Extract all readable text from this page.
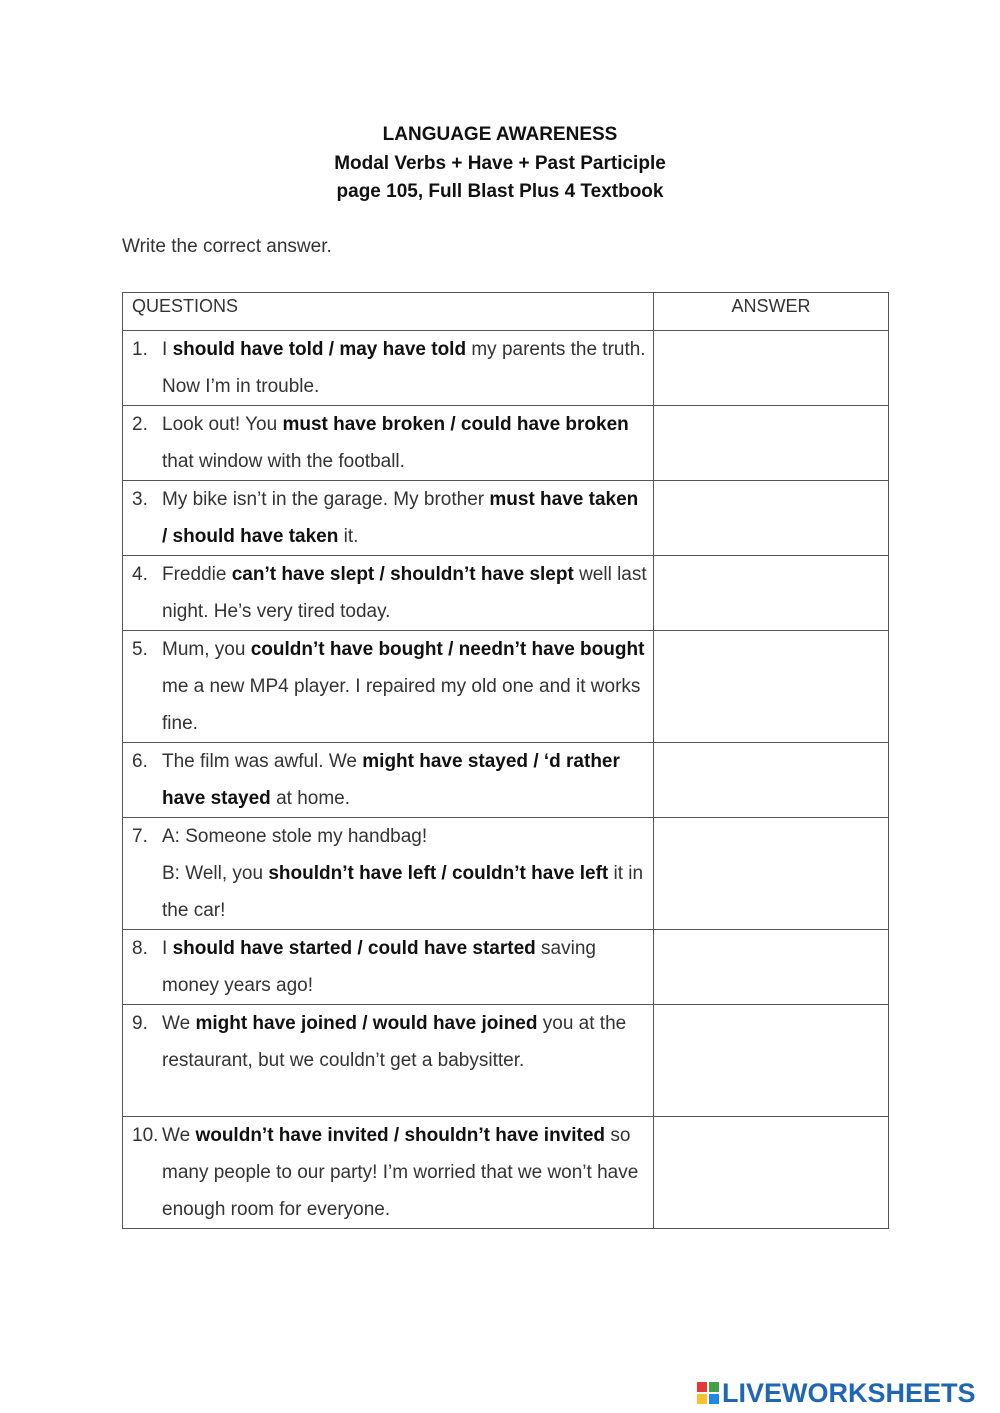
LANGUAGE AWARENESS
Modal Verbs + Have + Past Participle
page 105, Full Blast Plus 4 Textbook
Write the correct answer.
QUESTIONS	ANSWER

1. I should have told / may have told my parents the truth. Now I’m in trouble.	

2. Look out! You must have broken / could have broken that window with the football.	

3. My bike isn’t in the garage. My brother must have taken / should have taken it.	

4. Freddie can’t have slept / shouldn’t have slept well last night. He’s very tired today.	

5. Mum, you couldn’t have bought / needn’t have bought me a new MP4 player. I repaired my old one and it works fine.	

6. The film was awful. We might have stayed / ‘d rather have stayed at home.	

7. A: Someone stole my handbag!
B: Well, you shouldn’t have left / couldn’t have left it in the car!	

8. I should have started / could have started saving money years ago!	

9. We might have joined / would have joined you at the restaurant, but we couldn’t get a babysitter.	

10. We wouldn’t have invited / shouldn’t have invited so many people to our party! I’m worried that we won’t have enough room for everyone.	
LIVEWORKSHEETS
